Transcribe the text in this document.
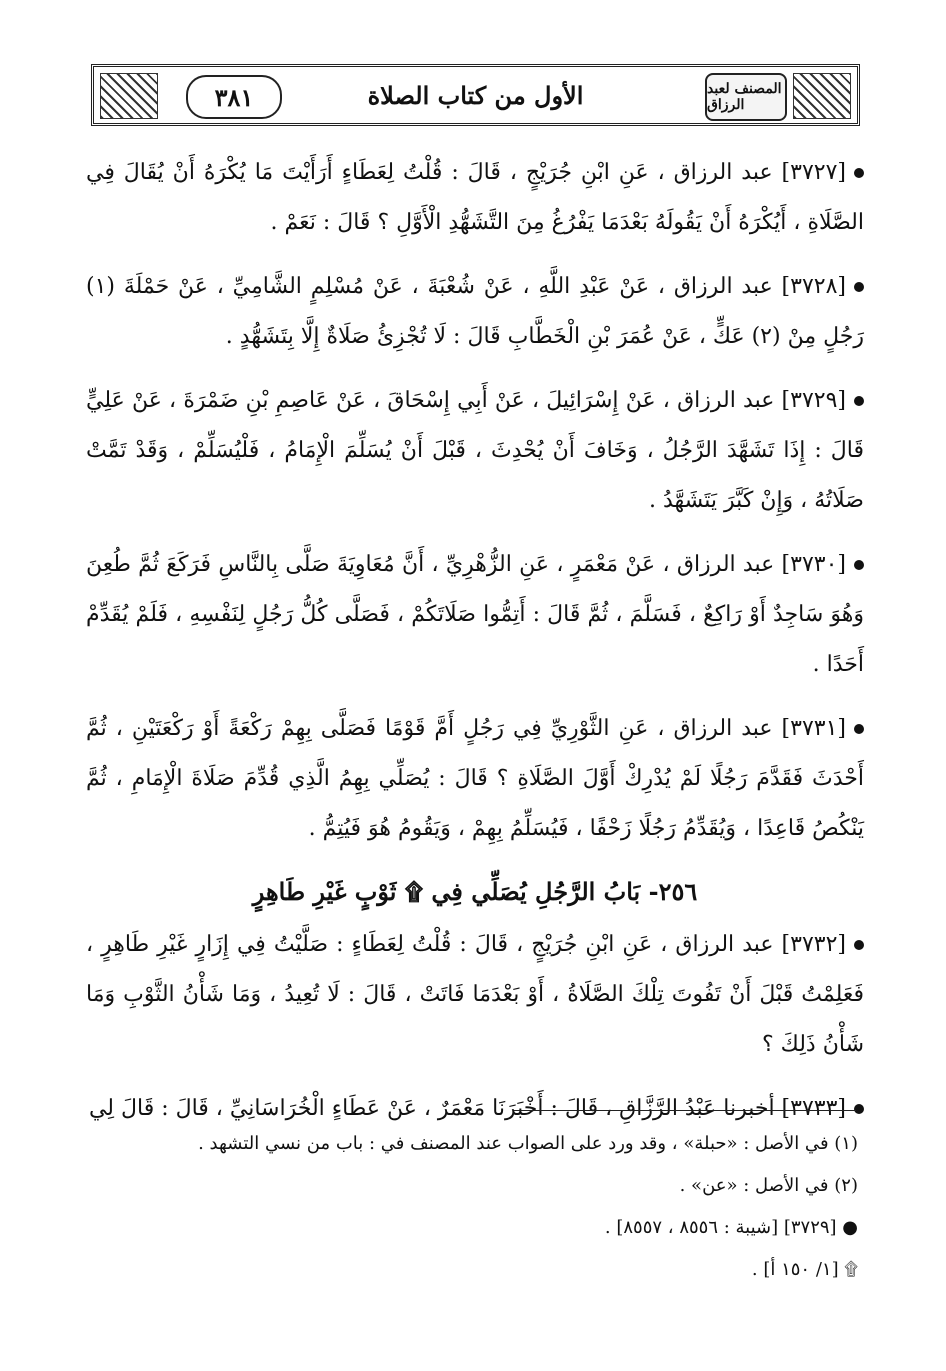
٣٨١	الأول من كتاب الصلاة	المصنف لعبد الرزاق

[٣٧٢٧] عبد الرزاق ، عَنِ ابْنِ جُرَيْجٍ ، قَالَ : قُلْتُ لِعَطَاءٍ أَرَأَيْتَ مَا يُكْرَهُ أَنْ يُقَالَ فِي الصَّلَاةِ ، أَيُكْرَهُ أَنْ يَقُولَهُ بَعْدَمَا يَفْرُغُ مِنَ التَّشَهُّدِ الْأَوَّلِ ؟ قَالَ : نَعَمْ .

[٣٧٢٨] عبد الرزاق ، عَنْ عَبْدِ اللَّهِ ، عَنْ شُعْبَةَ ، عَنْ مُسْلِمٍ الشَّامِيِّ ، عَنْ حَمْلَةَ (١) رَجُلٍ مِنْ (٢) عَكٍّ ، عَنْ عُمَرَ بْنِ الْخَطَّابِ قَالَ : لَا تُجْزِئُ صَلَاةٌ إِلَّا بِتَشَهُّدٍ .

[٣٧٢٩] عبد الرزاق ، عَنْ إِسْرَائِيلَ ، عَنْ أَبِي إِسْحَاقَ ، عَنْ عَاصِمِ بْنِ ضَمْرَةَ ، عَنْ عَلِيٍّ قَالَ : إِذَا تَشَهَّدَ الرَّجُلُ ، وَخَافَ أَنْ يُحْدِثَ ، قَبْلَ أَنْ يُسَلِّمَ الْإِمَامُ ، فَلْيُسَلِّمْ ، وَقَدْ تَمَّتْ صَلَاتُهُ ، وَإِنْ كَبَّرَ يَتَشَهَّدُ .

[٣٧٣٠] عبد الرزاق ، عَنْ مَعْمَرٍ ، عَنِ الزُّهْرِيِّ ، أَنَّ مُعَاوِيَةَ صَلَّى بِالنَّاسِ فَرَكَعَ ثُمَّ طُعِنَ وَهُوَ سَاجِدٌ أَوْ رَاكِعٌ ، فَسَلَّمَ ، ثُمَّ قَالَ : أَتِمُّوا صَلَاتَكُمْ ، فَصَلَّى كُلُّ رَجُلٍ لِنَفْسِهِ ، فَلَمْ يُقَدِّمْ أَحَدًا .

[٣٧٣١] عبد الرزاق ، عَنِ الثَّوْرِيِّ فِي رَجُلٍ أَمَّ قَوْمًا فَصَلَّى بِهِمْ رَكْعَةً أَوْ رَكْعَتَيْنِ ، ثُمَّ أَحْدَثَ فَقَدَّمَ رَجُلًا لَمْ يُدْرِكْ أَوَّلَ الصَّلَاةِ ؟ قَالَ : يُصَلِّي بِهِمُ الَّذِي قُدِّمَ صَلَاةَ الْإِمَامِ ، ثُمَّ يَنْكُصُ قَاعِدًا ، وَيُقَدِّمُ رَجُلًا زَحْفًا ، فَيُسَلِّمُ بِهِمْ ، وَيَقُومُ هُوَ فَيُتِمُّ .

٢٥٦- بَابُ الرَّجُلِ يُصَلِّي فِي ۩ ثَوْبٍ غَيْرِ طَاهِرٍ

[٣٧٣٢] عبد الرزاق ، عَنِ ابْنِ جُرَيْجٍ ، قَالَ : قُلْتُ لِعَطَاءٍ : صَلَّيْتُ فِي إِزَارٍ غَيْرِ طَاهِرٍ ، فَعَلِمْتُ قَبْلَ أَنْ تَفُوتَ تِلْكَ الصَّلَاةُ ، أَوْ بَعْدَمَا فَاتَتْ ، قَالَ : لَا تُعِيدُ ، وَمَا شَأْنُ الثَّوْبِ وَمَا شَأْنُ ذَلِكَ ؟

[٣٧٣٣] أخبرنا عَبْدُ الرَّزَّاقِ ، قَالَ : أَخْبَرَنَا مَعْمَرٌ ، عَنْ عَطَاءٍ الْخُرَاسَانِيِّ ، قَالَ : قَالَ لِي

(١) في الأصل : «حبلة» ، وقد ورد على الصواب عند المصنف في : باب من نسي التشهد .
(٢) في الأصل : «عن» .
● [٣٧٢٩] [شيبة : ٨٥٥٦ ، ٨٥٥٧] .
۩ [١/ ١٥٠ أ] .
